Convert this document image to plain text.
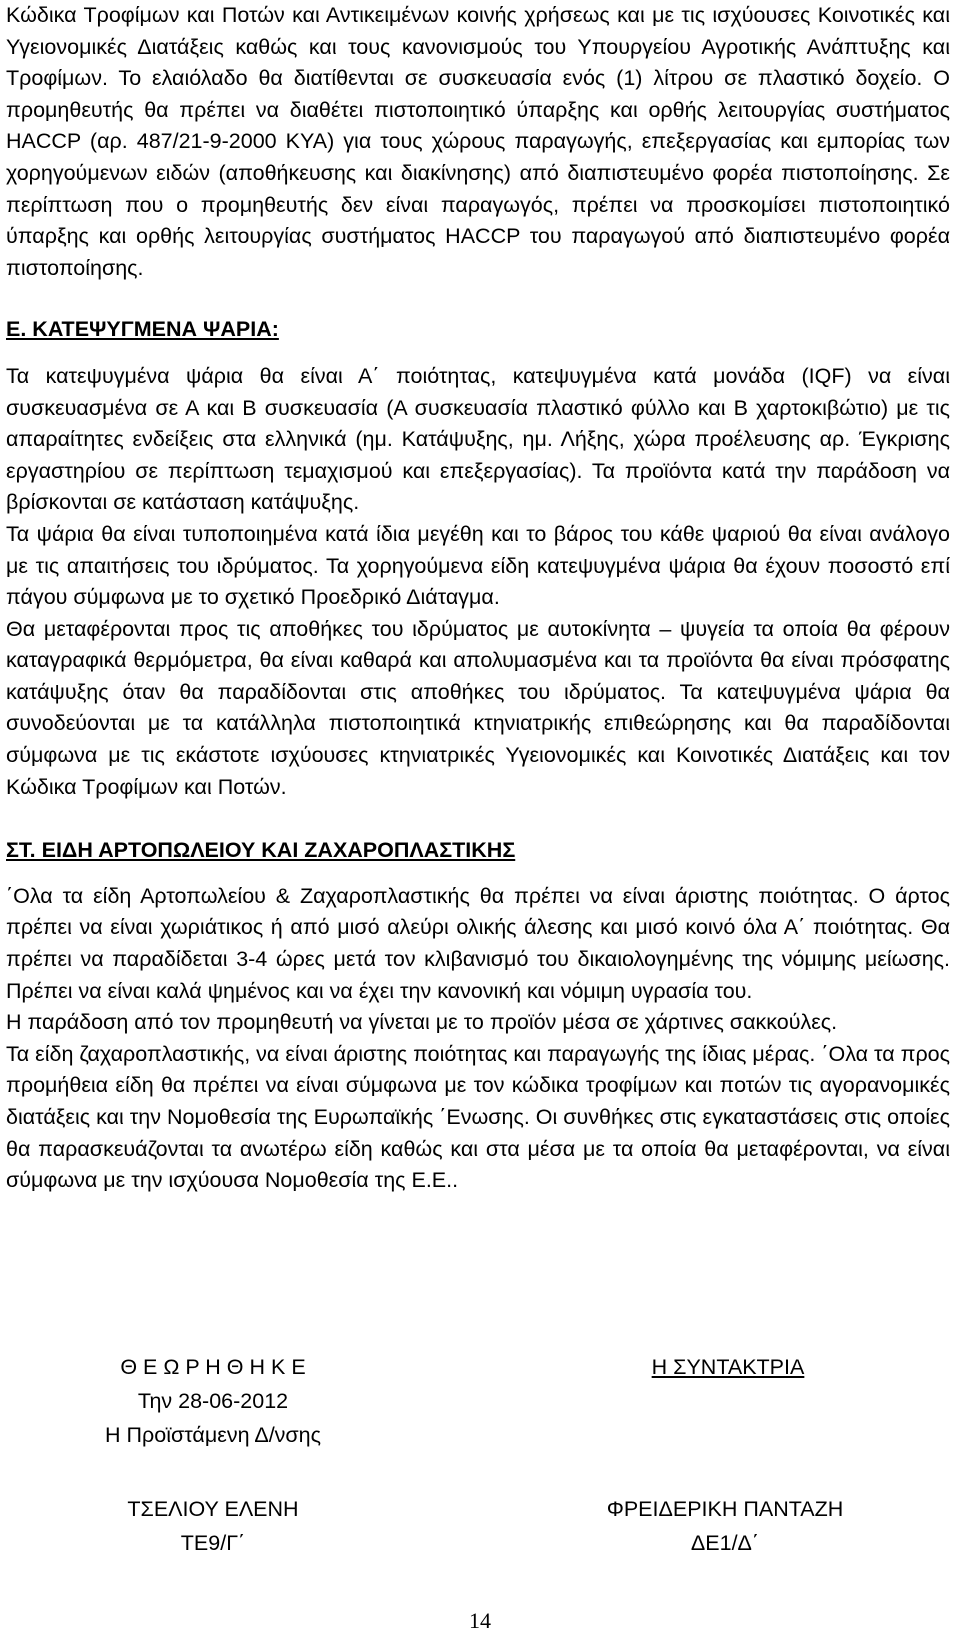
Κώδικα Τροφίμων και Ποτών και Αντικειμένων κοινής χρήσεως και με τις ισχύουσες Κοινοτικές και Υγειονομικές Διατάξεις καθώς και τους κανονισμούς του Υπουργείου Αγροτικής Ανάπτυξης και Τροφίμων. Το ελαιόλαδο θα διατίθενται σε συσκευασία ενός (1) λίτρου σε πλαστικό δοχείο. Ο προμηθευτής θα πρέπει να διαθέτει πιστοποιητικό ύπαρξης και ορθής λειτουργίας συστήματος HACCP (αρ. 487/21-9-2000 ΚΥΑ) για τους χώρους παραγωγής, επεξεργασίας και εμπορίας των χορηγούμενων ειδών (αποθήκευσης και διακίνησης) από διαπιστευμένο φορέα πιστοποίησης. Σε περίπτωση που ο προμηθευτής δεν είναι παραγωγός, πρέπει να προσκομίσει πιστοποιητικό ύπαρξης και ορθής λειτουργίας συστήματος HACCP του παραγωγού από διαπιστευμένο φορέα πιστοποίησης.

Ε. ΚΑΤΕΨΥΓΜΕΝΑ ΨΑΡΙΑ:

Τα κατεψυγμένα ψάρια θα είναι Α΄ ποιότητας, κατεψυγμένα κατά μονάδα (IQF) να είναι συσκευασμένα σε Α και Β συσκευασία (Α συσκευασία πλαστικό φύλλο και Β χαρτοκιβώτιο) με τις απαραίτητες ενδείξεις στα ελληνικά (ημ. Κατάψυξης, ημ. Λήξης, χώρα προέλευσης αρ. Έγκρισης εργαστηρίου σε περίπτωση τεμαχισμού και επεξεργασίας). Τα προϊόντα κατά την παράδοση να βρίσκονται σε κατάσταση κατάψυξης.

Τα ψάρια θα είναι τυποποιημένα κατά ίδια μεγέθη και το βάρος του κάθε ψαριού θα είναι ανάλογο με τις απαιτήσεις του ιδρύματος. Τα χορηγούμενα είδη κατεψυγμένα ψάρια θα έχουν ποσοστό επί πάγου σύμφωνα με το σχετικό Προεδρικό Διάταγμα.

Θα μεταφέρονται προς τις αποθήκες του ιδρύματος με αυτοκίνητα – ψυγεία τα οποία θα φέρουν καταγραφικά θερμόμετρα, θα είναι καθαρά και απολυμασμένα και τα προϊόντα θα είναι πρόσφατης κατάψυξης όταν θα παραδίδονται στις αποθήκες του ιδρύματος. Τα κατεψυγμένα ψάρια θα συνοδεύονται με τα κατάλληλα πιστοποιητικά κτηνιατρικής επιθεώρησης και θα παραδίδονται σύμφωνα με τις εκάστοτε ισχύουσες κτηνιατρικές Υγειονομικές και Κοινοτικές Διατάξεις και τον Κώδικα Τροφίμων και Ποτών.

ΣΤ. ΕΙΔΗ ΑΡΤΟΠΩΛΕΙΟΥ ΚΑΙ ΖΑΧΑΡΟΠΛΑΣΤΙΚΗΣ

΄Ολα τα είδη Αρτοπωλείου & Ζαχαροπλαστικής θα πρέπει να είναι άριστης ποιότητας. Ο άρτος πρέπει να είναι χωριάτικος ή από μισό αλεύρι ολικής άλεσης και μισό κοινό όλα Α΄ ποιότητας. Θα πρέπει να παραδίδεται 3-4 ώρες μετά τον κλιβανισμό του δικαιολογημένης της νόμιμης μείωσης. Πρέπει να είναι καλά ψημένος και να έχει την κανονική και νόμιμη υγρασία του.

Η παράδοση από τον προμηθευτή να γίνεται με το προϊόν μέσα σε χάρτινες σακκούλες.

Τα είδη ζαχαροπλαστικής, να είναι άριστης ποιότητας και παραγωγής της ίδιας μέρας. ΄Ολα τα προς προμήθεια είδη θα πρέπει να είναι σύμφωνα με τον κώδικα τροφίμων και ποτών τις αγορανομικές διατάξεις και την Νομοθεσία της Ευρωπαϊκής ΄Ενωσης. Οι συνθήκες στις εγκαταστάσεις στις οποίες θα παρασκευάζονται τα ανωτέρω είδη καθώς και στα μέσα με τα οποία θα μεταφέρονται, να είναι σύμφωνα με την ισχύουσα Νομοθεσία της Ε.Ε..

Θ Ε Ω Ρ Η Θ Η Κ Ε
Την 28-06-2012
Η Προϊστάμενη Δ/νσης
Η ΣΥΝΤΑΚΤΡΙΑ
ΤΣΕΛΙΟΥ ΕΛΕΝΗ
ΤΕ9/Γ΄
ΦΡΕΙΔΕΡΙΚΗ ΠΑΝΤΑΖΗ
ΔΕ1/Δ΄
14
